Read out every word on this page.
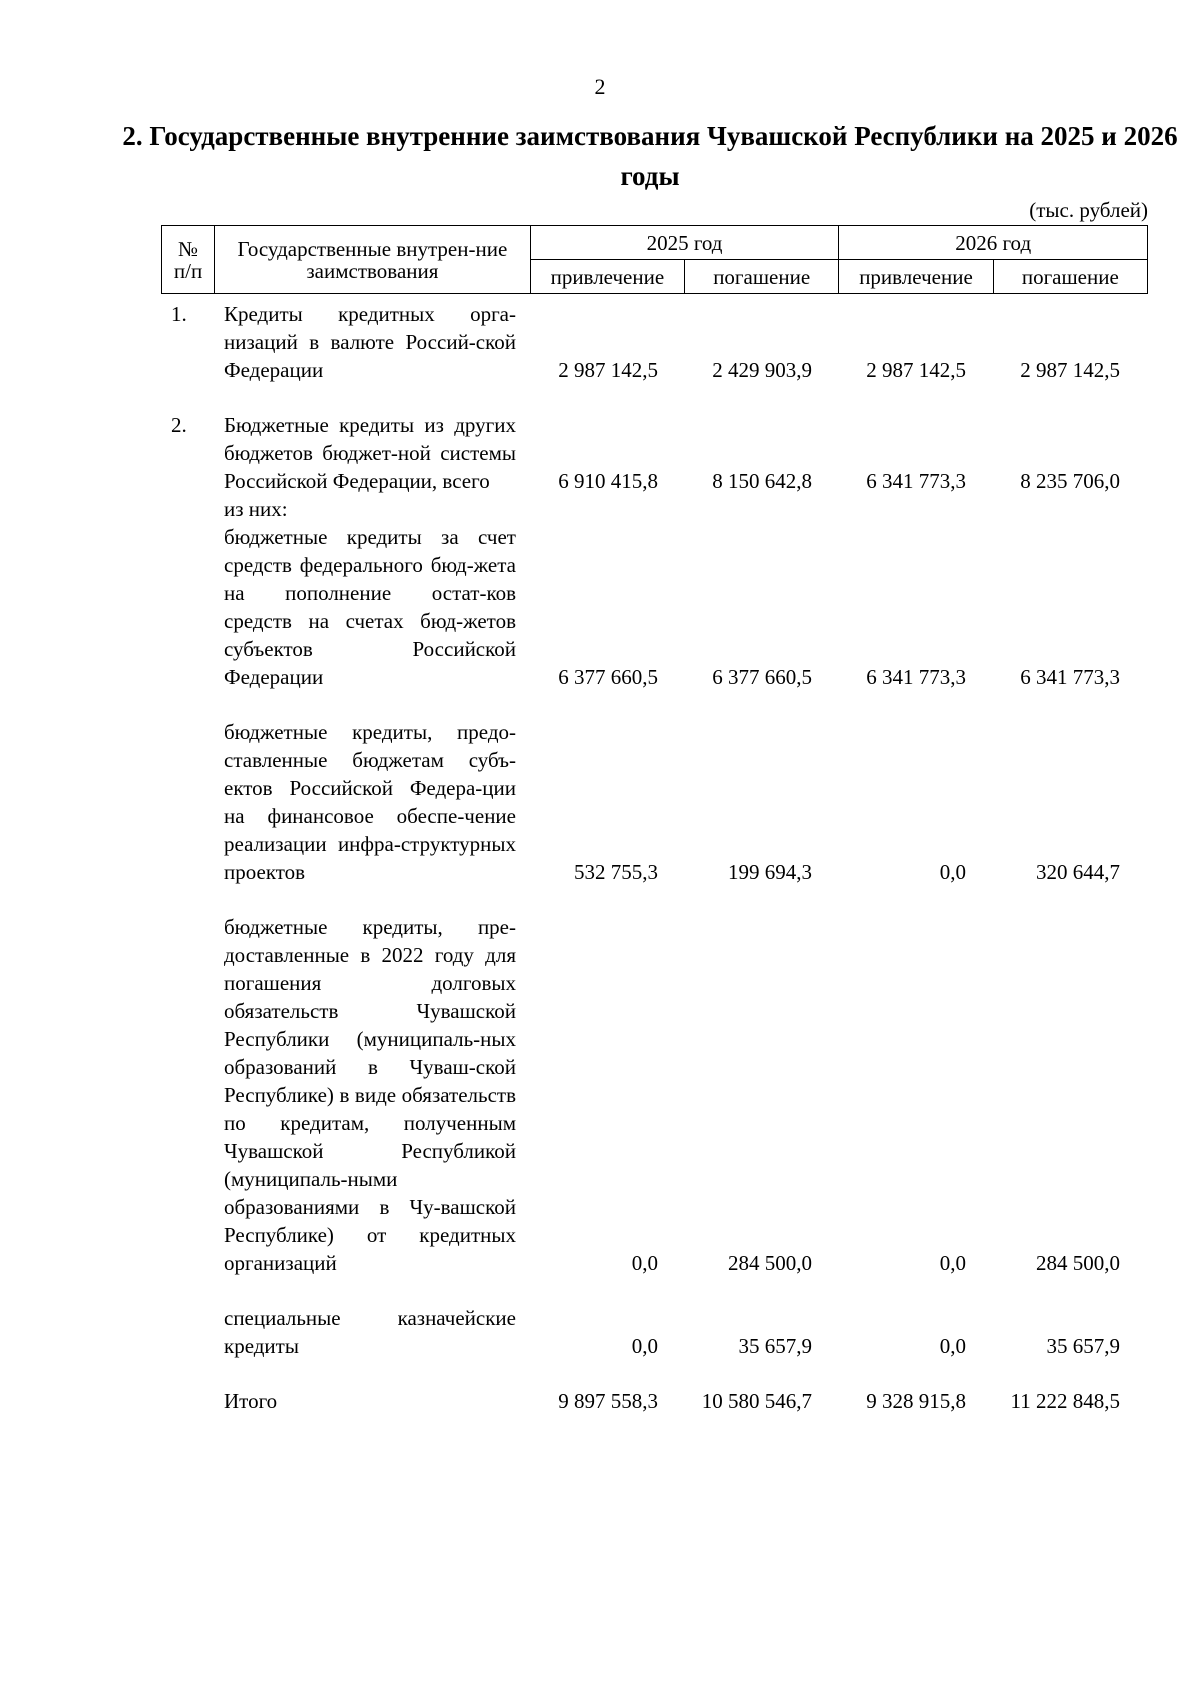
2
2. Государственные внутренние заимствования Чувашской Республики на 2025 и 2026 годы
(тыс. рублей)
№ п/п	Государственные внутрен-ние заимствования	2025 год		2026 год	
		привлечение	погашение	привлечение	погашение
1. Кредиты кредитных орга-низаций в валюте Россий-ской Федерации	2 987 142,5	2 429 903,9	2 987 142,5	2 987 142,5
2. Бюджетные кредиты из других бюджетов бюджет-ной системы Российской Федерации, всего	6 910 415,8	8 150 642,8	6 341 773,3	8 235 706,0
из них:
бюджетные кредиты за счет средств федерального бюд-жета на пополнение остат-ков средств на счетах бюд-жетов субъектов Российской Федерации	6 377 660,5	6 377 660,5	6 341 773,3	6 341 773,3
бюджетные кредиты, предо-ставленные бюджетам субъ-ектов Российской Федера-ции на финансовое обеспе-чение реализации инфра-структурных проектов	532 755,3	199 694,3	0,0	320 644,7
бюджетные кредиты, пре-доставленные в 2022 году для погашения долговых обязательств Чувашской Республики (муниципаль-ных образований в Чуваш-ской Республике) в виде обязательств по кредитам, полученным Чувашской Республикой (муниципаль-ными образованиями в Чу-вашской Республике) от кредитных организаций	0,0	284 500,0	0,0	284 500,0
специальные казначейские кредиты	0,0	35 657,9	0,0	35 657,9
Итого	9 897 558,3	10 580 546,7	9 328 915,8	11 222 848,5
